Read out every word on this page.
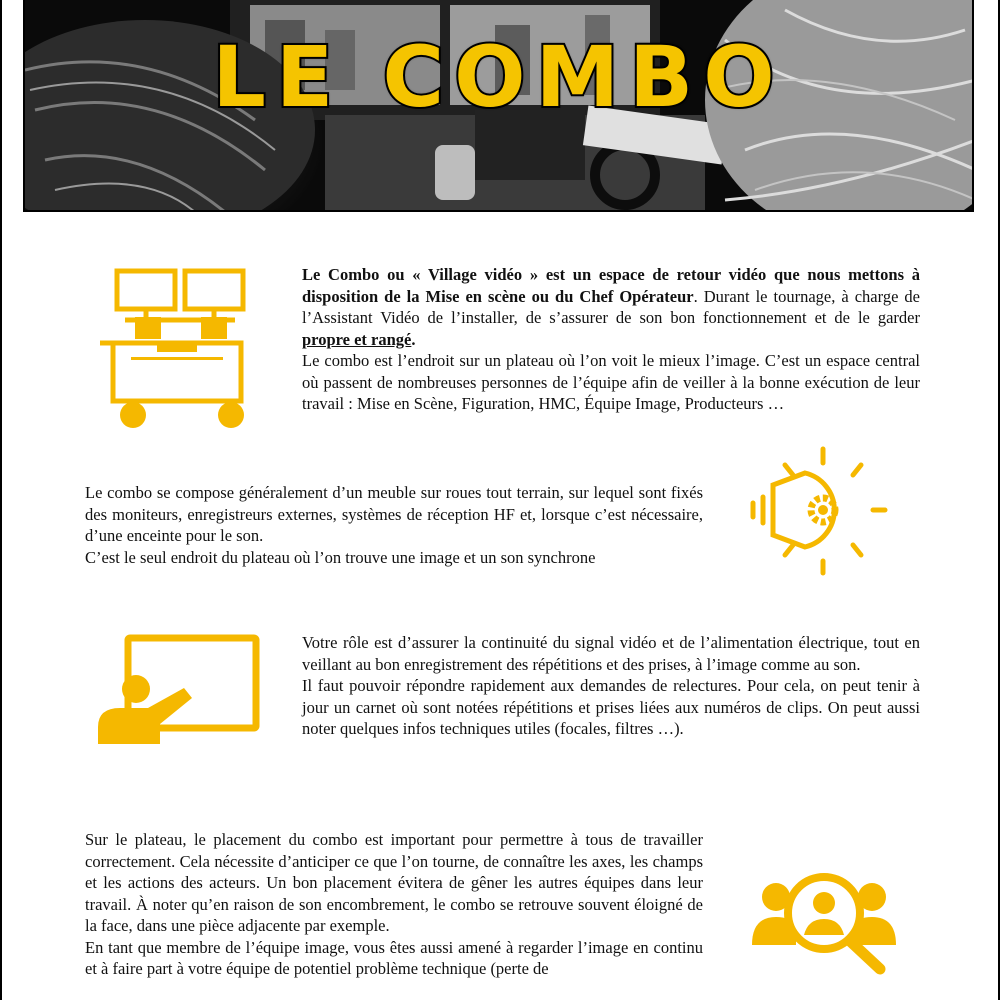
LE COMBO

Le Combo ou « Village vidéo » est un espace de retour vidéo que nous mettons à disposition de la Mise en scène ou du Chef Opérateur. Durant le tournage, à charge de l’Assistant Vidéo de l’installer, de s’assurer de son bon fonctionnement et de le garder propre et rangé.

Le combo est l’endroit sur un plateau où l’on voit le mieux l’image. C’est un espace central où passent de nombreuses personnes de l’équipe afin de veiller à la bonne exécution de leur travail : Mise en Scène, Figuration, HMC, Équipe Image, Producteurs …

Le combo se compose généralement d’un meuble sur roues tout terrain, sur lequel sont fixés des moniteurs, enregistreurs externes, systèmes de réception HF et, lorsque c’est nécessaire, d’une enceinte pour le son.

C’est le seul endroit du plateau où l’on trouve une image et un son synchrone

Votre rôle est d’assurer la continuité du signal vidéo et de l’alimentation électrique, tout en veillant au bon enregistrement des répétitions et des prises, à l’image comme au son.

Il faut pouvoir répondre rapidement aux demandes de relectures. Pour cela, on peut tenir à jour un carnet où sont notées répétitions et prises liées aux numéros de clips. On peut aussi noter quelques infos techniques utiles (focales, filtres …).

Sur le plateau, le placement du combo est important pour permettre à tous de travailler correctement. Cela nécessite d’anticiper ce que l’on tourne, de connaître les axes, les champs et les actions des acteurs. Un bon placement évitera de gêner les autres équipes dans leur travail. À noter qu’en raison de son encombrement, le combo se retrouve souvent éloigné de la face, dans une pièce adjacente par exemple.

En tant que membre de l’équipe image, vous êtes aussi amené à regarder l’image en continu et à faire part à votre équipe de potentiel problème technique (perte de
